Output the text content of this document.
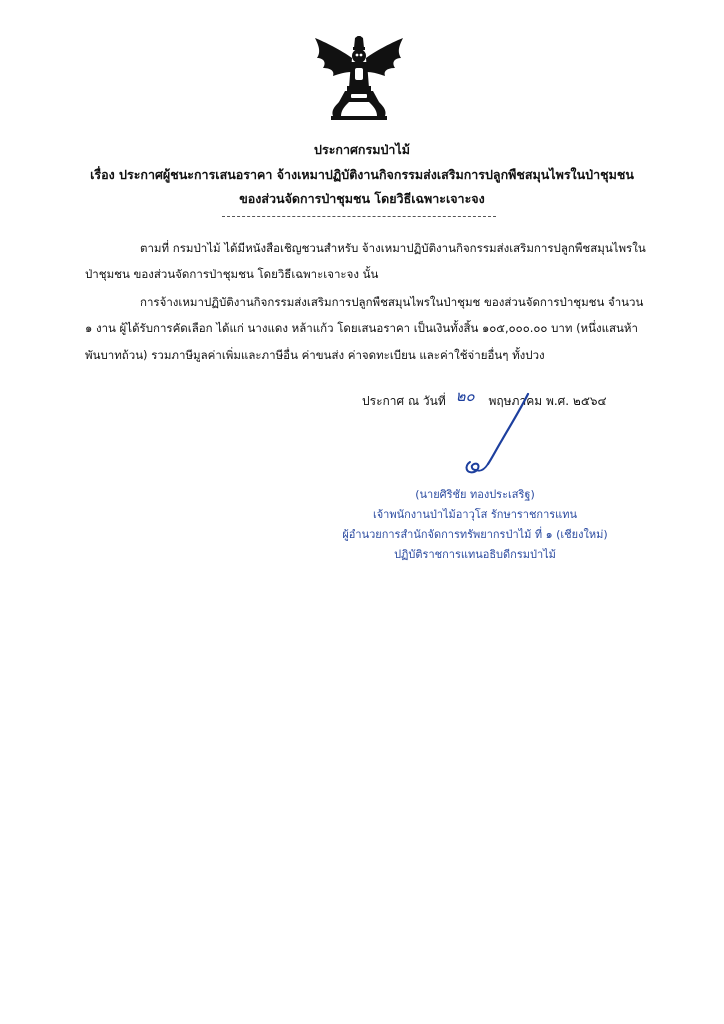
ประกาศกรมป่าไม้
เรื่อง ประกาศผู้ชนะการเสนอราคา จ้างเหมาปฏิบัติงานกิจกรรมส่งเสริมการปลูกพืชสมุนไพรในป่าชุมชน
ของส่วนจัดการป่าชุมชน โดยวิธีเฉพาะเจาะจง
ตามที่ กรมป่าไม้ ได้มีหนังสือเชิญชวนสำหรับ จ้างเหมาปฏิบัติงานกิจกรรมส่งเสริมการปลูกพืชสมุนไพรใน
ป่าชุมชน ของส่วนจัดการป่าชุมชน โดยวิธีเฉพาะเจาะจง นั้น
การจ้างเหมาปฏิบัติงานกิจกรรมส่งเสริมการปลูกพืชสมุนไพรในป่าชุมช ของส่วนจัดการป่าชุมชน จำนวน
๑ งาน ผู้ได้รับการคัดเลือก ได้แก่ นางแดง หล้าแก้ว โดยเสนอราคา เป็นเงินทั้งสิ้น ๑๐๕,๐๐๐.๐๐ บาท (หนึ่งแสนห้า
พันบาทถ้วน) รวมภาษีมูลค่าเพิ่มและภาษีอื่น ค่าขนส่ง ค่าจดทะเบียน และค่าใช้จ่ายอื่นๆ ทั้งปวง
ประกาศ ณ วันที่ ๒๐ พฤษภาคม พ.ศ. ๒๕๖๔
(นายศิริชัย ทองประเสริฐ)
เจ้าพนักงานป่าไม้อาวุโส รักษาราชการแทน
ผู้อำนวยการสำนักจัดการทรัพยากรป่าไม้ ที่ ๑ (เชียงใหม่)
ปฏิบัติราชการแทนอธิบดีกรมป่าไม้
